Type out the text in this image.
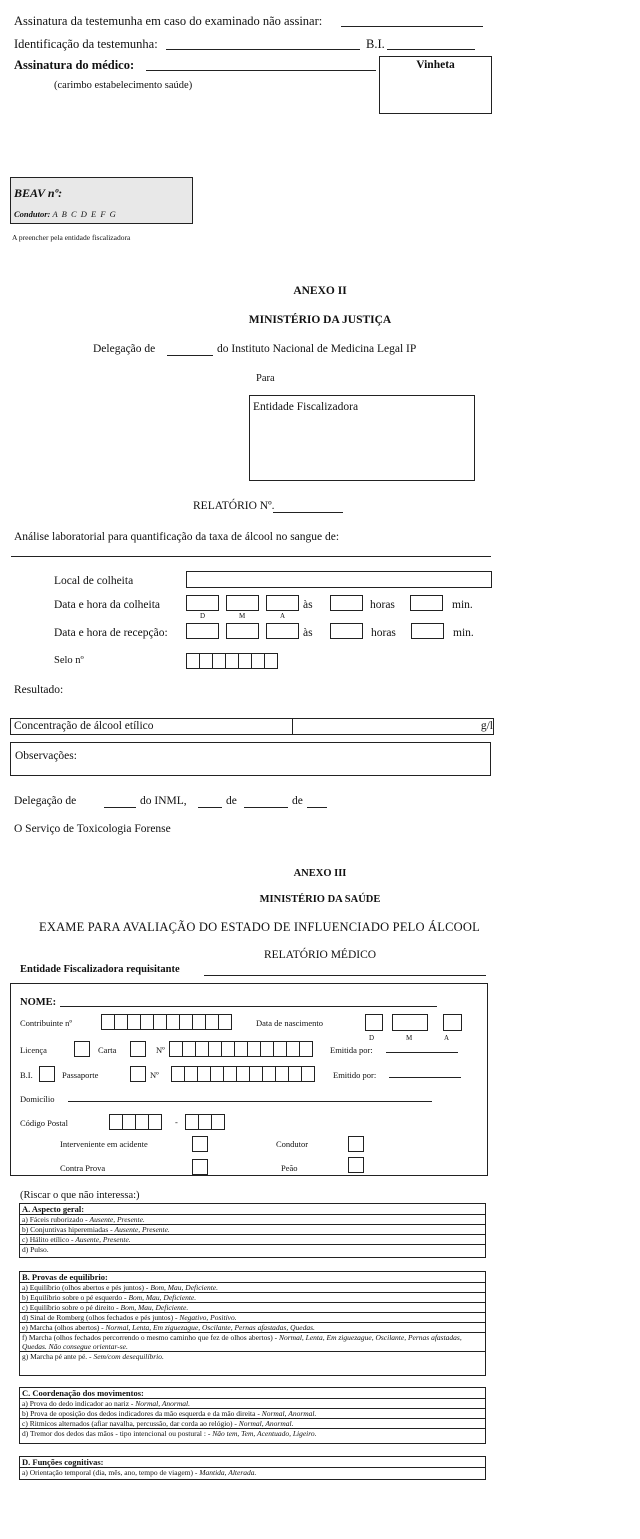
Assinatura da testemunha em caso do examinado não assinar:
Identificação da testemunha:	B.I.
Assinatura do médico:
(carimbo estabelecimento saúde)
Vinheta
BEAV nº:
Condutor: A B C D E F G
A preencher pela entidade fiscalizadora
ANEXO II
MINISTÉRIO DA JUSTIÇA
Delegação de	do Instituto Nacional de Medicina Legal IP
Para
Entidade Fiscalizadora
RELATÓRIO Nº.
Análise laboratorial para quantificação da taxa de álcool no sangue de:
Local de colheita
Data e hora da colheita
D	M	A
às	horas	min.
Data e hora de recepção:	às	horas	min.
Selo nº
Resultado:
Concentração de álcool etílico	g/l
Observações:
Delegação de	do INML,	de	de
O Serviço de Toxicologia Forense
ANEXO III
MINISTÉRIO DA SAÚDE
EXAME PARA AVALIAÇÃO DO ESTADO DE INFLUENCIADO PELO ÁLCOOL
RELATÓRIO MÉDICO
Entidade Fiscalizadora requisitante
NOME:
Contribuinte nº	Data de nascimento
D	M	A
Licença	Carta	Nº	Emitida por:
B.I.	Passaporte	Nº	Emitido por:
Domicílio
Código Postal	-
Interveniente em acidente	Condutor
Contra Prova	Peão
(Riscar o que não interessa:)
A. Aspecto geral:
a) Fáceis ruborizado - Ausente, Presente.
b) Conjuntivas hiperemiadas - Ausente, Presente.
c) Hálito etílico - Ausente, Presente.
d) Pulso.
B. Provas de equilíbrio:
a) Equilíbrio (olhos abertos e pés juntos) - Bom, Mau, Deficiente.
b) Equilíbrio sobre o pé esquerdo - Bom, Mau, Deficiente.
c) Equilíbrio sobre o pé direito - Bom, Mau, Deficiente.
d) Sinal de Romberg (olhos fechados e pés juntos) - Negativo, Positivo.
e) Marcha (olhos abertos) - Normal, Lenta, Em ziguezague, Oscilante, Pernas afastadas, Quedas.
f) Marcha (olhos fechados percorrendo o mesmo caminho que fez de olhos abertos) - Normal, Lenta, Em ziguezague, Oscilante, Pernas afastadas, Quedas. Não consegue orientar-se.
g) Marcha pé ante pé. - Sem/com desequilíbrio.
C. Coordenação dos movimentos:
a) Prova do dedo indicador ao nariz - Normal, Anormal.
b) Prova de oposição dos dedos indicadores da mão esquerda e da mão direita - Normal, Anormal.
c) Ritmicos alternados (afiar navalha, percussão, dar corda ao relógio) - Normal, Anormal.
d) Tremor dos dedos das mãos - tipo intencional ou postural : - Não tem, Tem, Acentuado, Ligeiro.
D. Funções cognitivas:
a) Orientação temporal (dia, mês, ano, tempo de viagem) - Mantida, Alterada.
